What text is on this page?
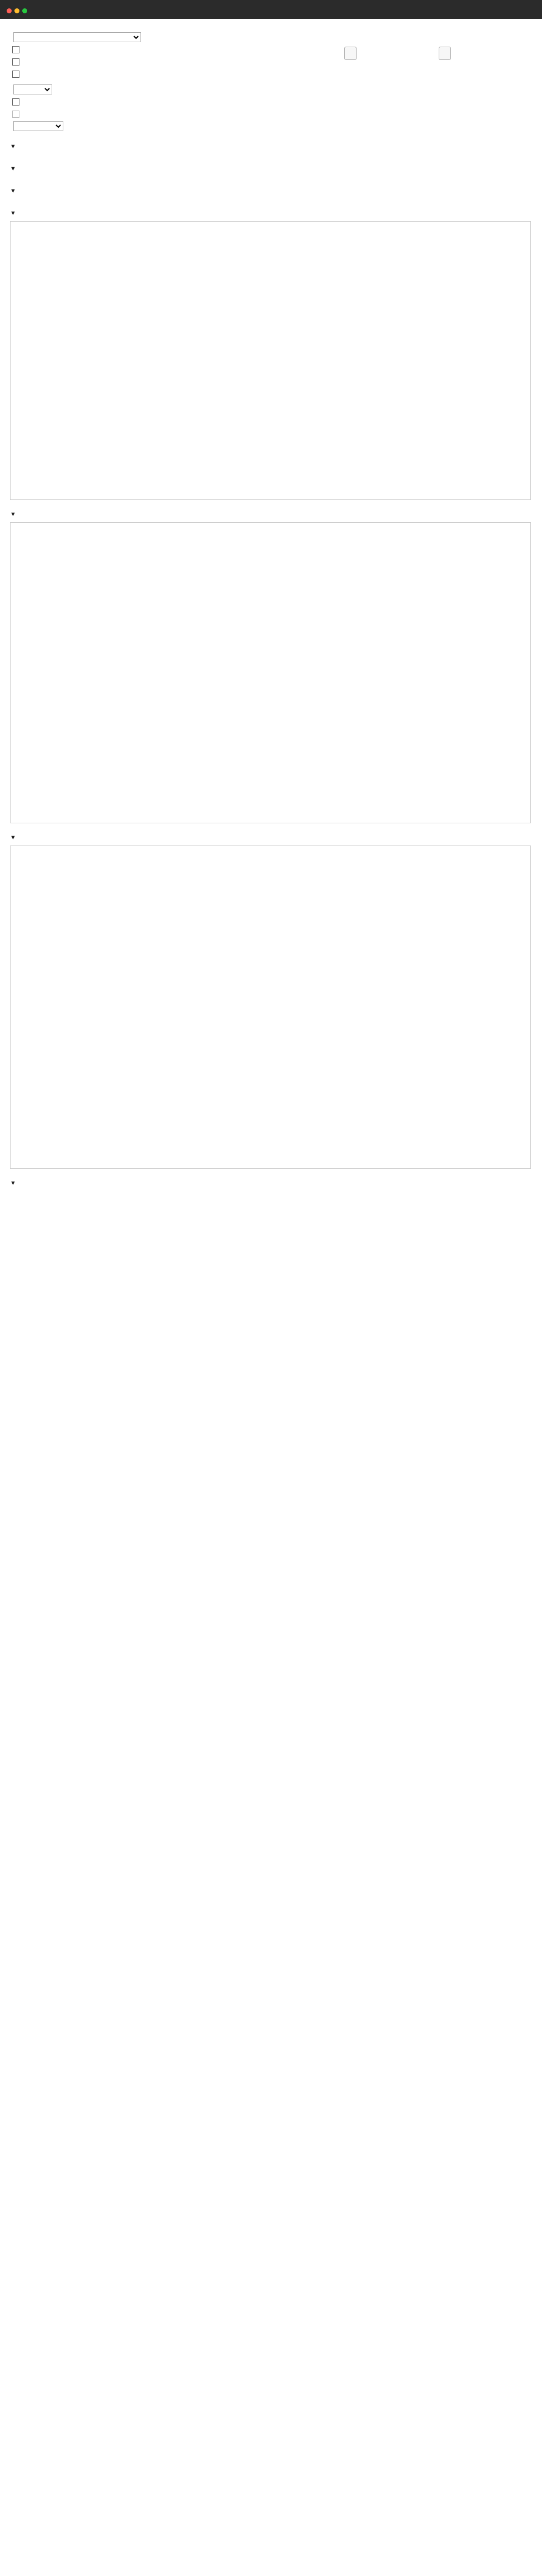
▼
▼
▼
▼
▼
▼
▼
